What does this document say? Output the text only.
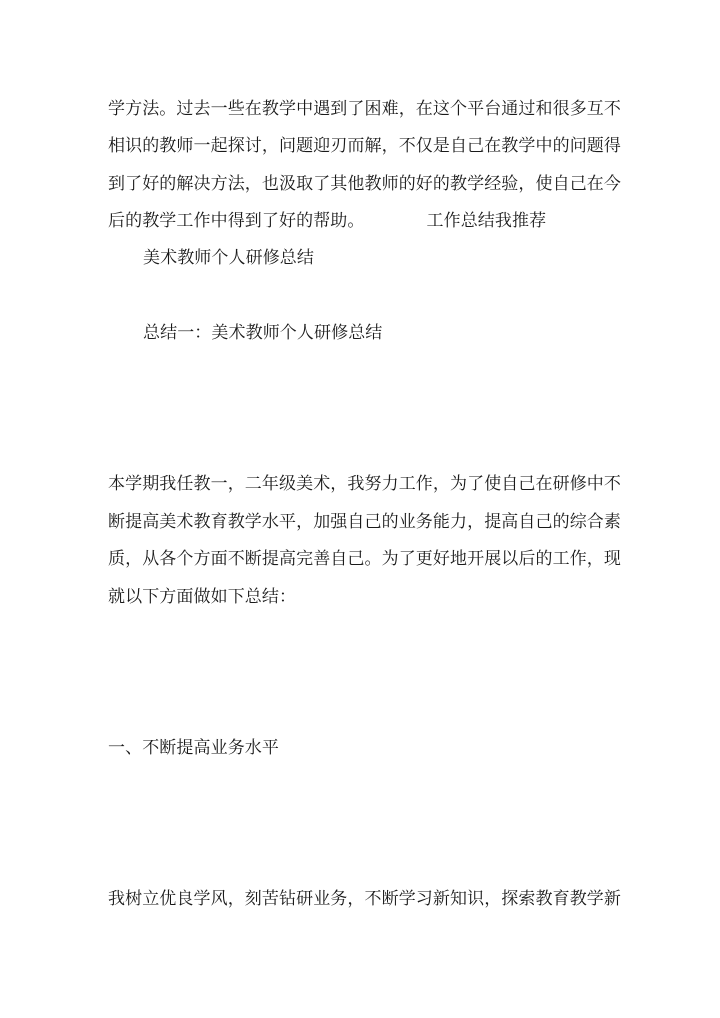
学方法。过去一些在教学中遇到了困难，在这个平台通过和很多互不
相识的教师一起探讨，问题迎刃而解，不仅是自己在教学中的问题得
到了好的解决方法，也汲取了其他教师的好的教学经验，使自己在今
后的教学工作中得到了好的帮助。	工作总结我推荐
美术教师个人研修总结
总结一：美术教师个人研修总结
本学期我任教一，二年级美术，我努力工作，为了使自己在研修中不
断提高美术教育教学水平，加强自己的业务能力，提高自己的综合素
质，从各个方面不断提高完善自己。为了更好地开展以后的工作，现
就以下方面做如下总结：
一、不断提高业务水平
我树立优良学风，刻苦钻研业务，不断学习新知识，探索教育教学新
